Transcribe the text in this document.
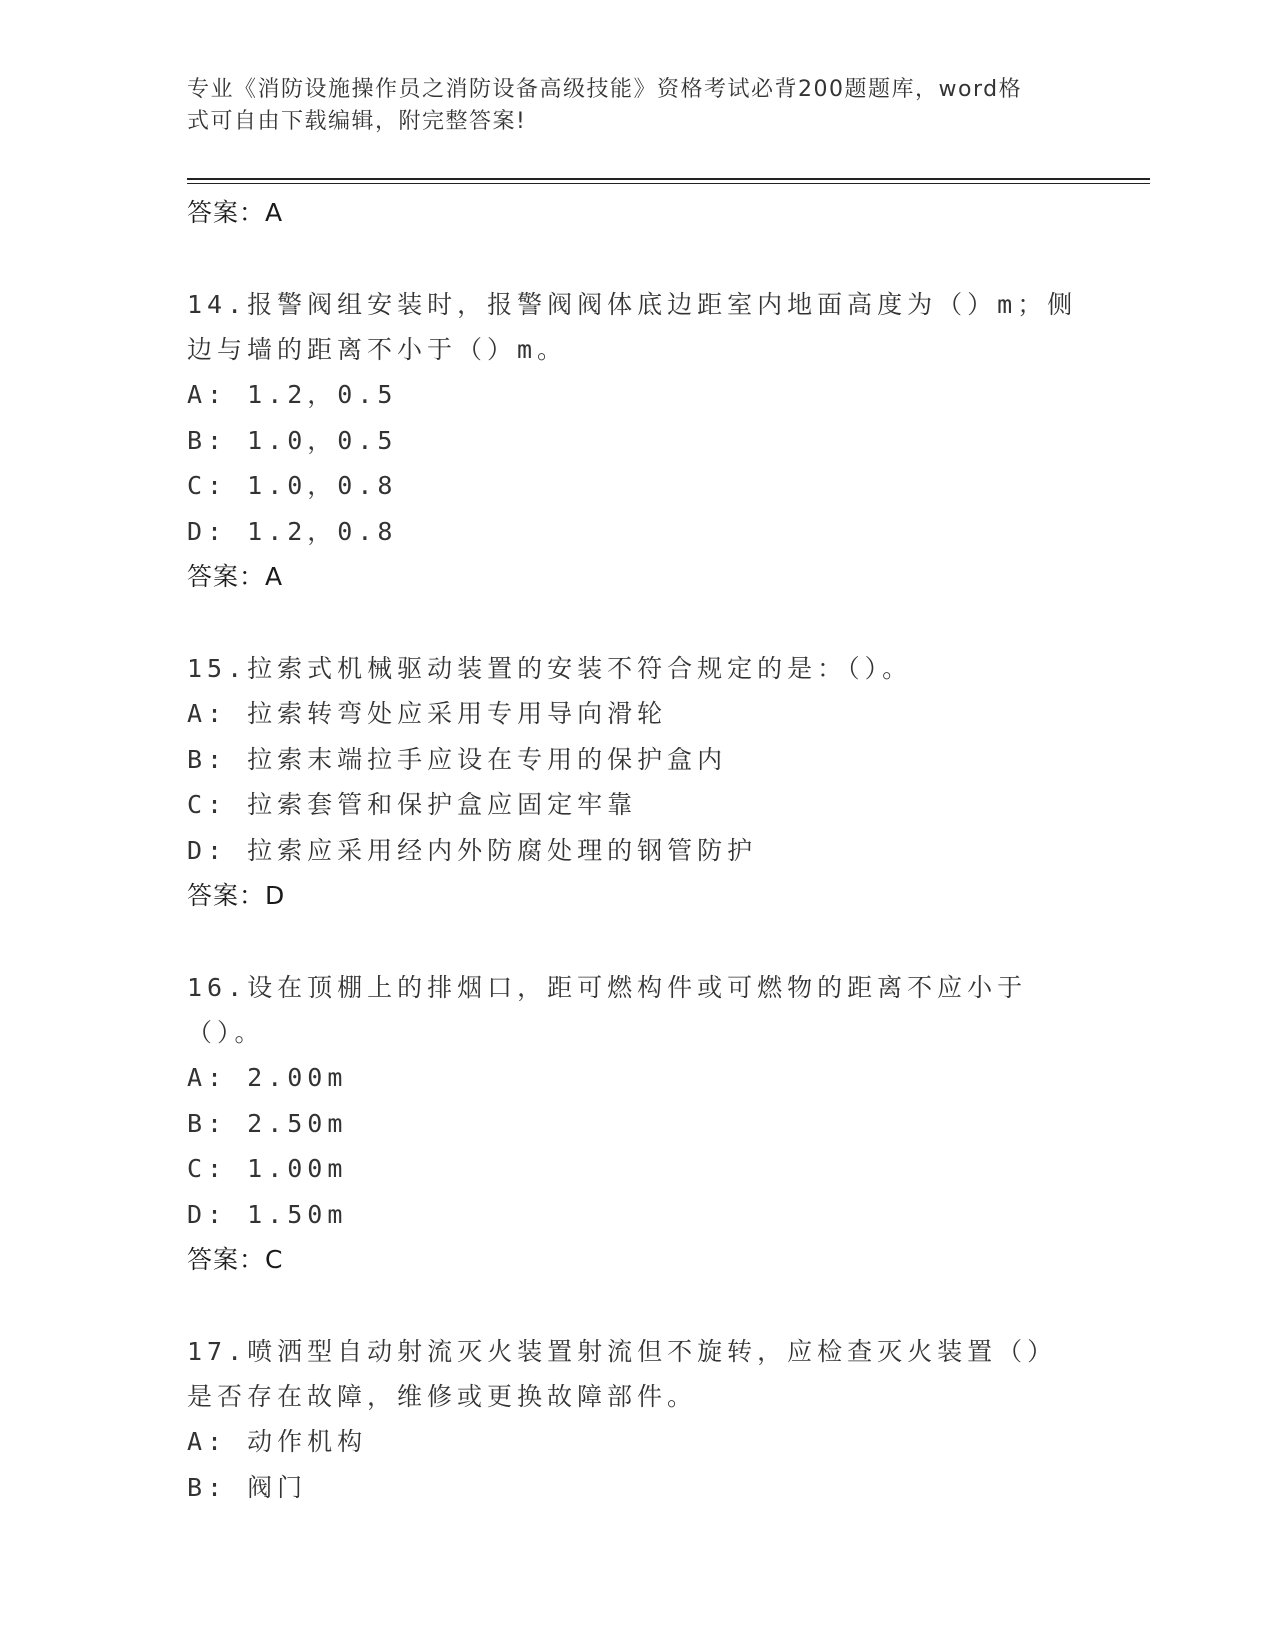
专业《消防设施操作员之消防设备高级技能》资格考试必背200题题库，word格
式可自由下载编辑，附完整答案!

答案：A

14.报警阀组安装时，报警阀阀体底边距室内地面高度为（）m；侧边与墙的距离不小于（）m。

A: 1.2，0.5

B: 1.0，0.5

C: 1.0，0.8

D: 1.2，0.8

答案：A

15.拉索式机械驱动装置的安装不符合规定的是：（）。

A: 拉索转弯处应采用专用导向滑轮

B: 拉索末端拉手应设在专用的保护盒内

C: 拉索套管和保护盒应固定牢靠

D: 拉索应采用经内外防腐处理的钢管防护

答案：D

16.设在顶棚上的排烟口，距可燃构件或可燃物的距离不应小于（）。

A: 2.00m

B: 2.50m

C: 1.00m

D: 1.50m

答案：C

17.喷洒型自动射流灭火装置射流但不旋转，应检查灭火装置（）是否存在故障，维修或更换故障部件。

A: 动作机构

B: 阀门
